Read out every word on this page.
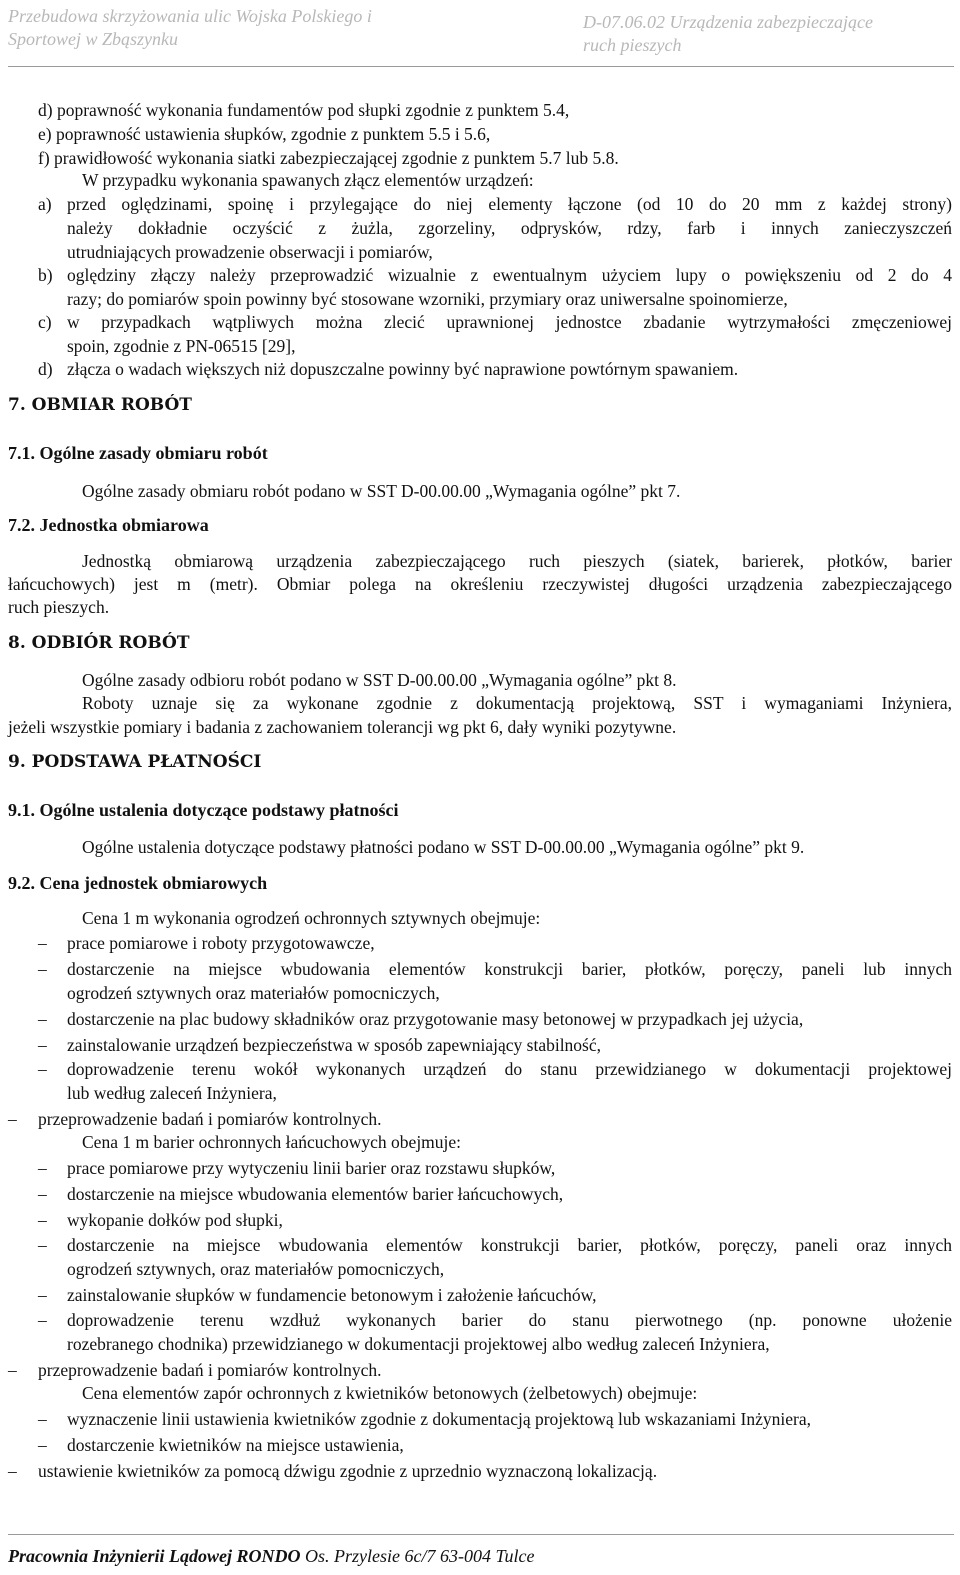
Przebudowa skrzyżowania ulic Wojska Polskiego i
Sportowej w Zbąszynku
D-07.06.02 Urządzenia zabezpieczające
ruch pieszych
d) poprawność wykonania fundamentów pod słupki zgodnie z punktem 5.4,
e) poprawność ustawienia słupków, zgodnie z punktem 5.5 i 5.6,
f) prawidłowość wykonania siatki zabezpieczającej zgodnie z punktem 5.7 lub 5.8.
W przypadku wykonania spawanych złącz elementów urządzeń:
a) przed oględzinami, spoinę i przylegające do niej elementy łączone (od 10 do 20 mm z każdej strony)
należy dokładnie oczyścić z żużla, zgorzeliny, odprysków, rdzy, farb i innych zanieczyszczeń
utrudniających prowadzenie obserwacji i pomiarów,
b) oględziny złączy należy przeprowadzić wizualnie z ewentualnym użyciem lupy o powiększeniu od 2 do 4
razy; do pomiarów spoin powinny być stosowane wzorniki, przymiary oraz uniwersalne spoinomierze,
c) w przypadkach wątpliwych można zlecić uprawnionej jednostce zbadanie wytrzymałości zmęczeniowej
spoin, zgodnie z PN-06515 [29],
d) złącza o wadach większych niż dopuszczalne powinny być naprawione powtórnym spawaniem.
7. OBMIAR ROBÓT
7.1. Ogólne zasady obmiaru robót
Ogólne zasady obmiaru robót podano w SST D-00.00.00 „Wymagania ogólne” pkt 7.
7.2. Jednostka obmiarowa
Jednostką obmiarową urządzenia zabezpieczającego ruch pieszych (siatek, barierek, płotków, barier
łańcuchowych) jest m (metr). Obmiar polega na określeniu rzeczywistej długości urządzenia zabezpieczającego
ruch pieszych.
8. ODBIÓR ROBÓT
Ogólne zasady odbioru robót podano w SST D-00.00.00 „Wymagania ogólne” pkt 8.
Roboty uznaje się za wykonane zgodnie z dokumentacją projektową, SST i wymaganiami Inżyniera,
jeżeli wszystkie pomiary i badania z zachowaniem tolerancji wg pkt 6, dały wyniki pozytywne.
9. PODSTAWA PŁATNOŚCI
9.1. Ogólne ustalenia dotyczące podstawy płatności
Ogólne ustalenia dotyczące podstawy płatności podano w SST D-00.00.00 „Wymagania ogólne” pkt 9.
9.2. Cena jednostek obmiarowych
Cena 1 m wykonania ogrodzeń ochronnych sztywnych obejmuje:
– prace pomiarowe i roboty przygotowawcze,
– dostarczenie na miejsce wbudowania elementów konstrukcji barier, płotków, poręczy, paneli lub innych
ogrodzeń sztywnych oraz materiałów pomocniczych,
– dostarczenie na plac budowy składników oraz przygotowanie masy betonowej w przypadkach jej użycia,
– zainstalowanie urządzeń bezpieczeństwa w sposób zapewniający stabilność,
– doprowadzenie terenu wokół wykonanych urządzeń do stanu przewidzianego w dokumentacji projektowej
lub według zaleceń Inżyniera,
– przeprowadzenie badań i pomiarów kontrolnych.
Cena 1 m barier ochronnych łańcuchowych obejmuje:
– prace pomiarowe przy wytyczeniu linii barier oraz rozstawu słupków,
– dostarczenie na miejsce wbudowania elementów barier łańcuchowych,
– wykopanie dołków pod słupki,
– dostarczenie na miejsce wbudowania elementów konstrukcji barier, płotków, poręczy, paneli oraz innych
ogrodzeń sztywnych, oraz materiałów pomocniczych,
– zainstalowanie słupków w fundamencie betonowym i założenie łańcuchów,
– doprowadzenie terenu wzdłuż wykonanych barier do stanu pierwotnego (np. ponowne ułożenie
rozebranego chodnika) przewidzianego w dokumentacji projektowej albo według zaleceń Inżyniera,
– przeprowadzenie badań i pomiarów kontrolnych.
Cena elementów zapór ochronnych z kwietników betonowych (żelbetowych) obejmuje:
– wyznaczenie linii ustawienia kwietników zgodnie z dokumentacją projektową lub wskazaniami Inżyniera,
– dostarczenie kwietników na miejsce ustawienia,
– ustawienie kwietników za pomocą dźwigu zgodnie z uprzednio wyznaczoną lokalizacją.
Pracownia Inżynierii Lądowej RONDO Os. Przylesie 6c/7 63-004 Tulce
